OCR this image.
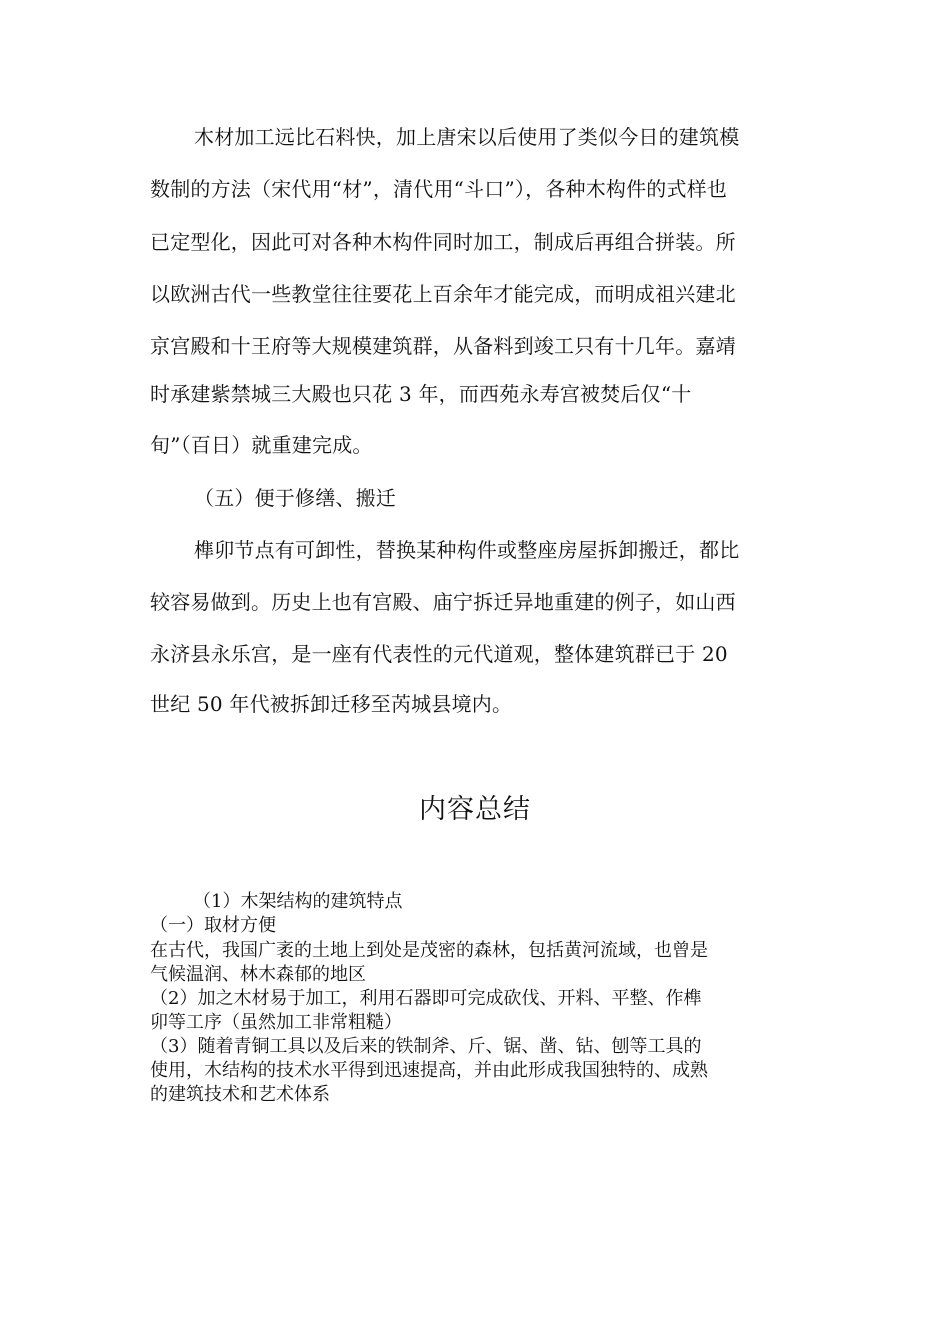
木材加工远比石料快，加上唐宋以后使用了类似今日的建筑模
数制的方法（宋代用“材”，清代用“斗口”），各种木构件的式样也
已定型化，因此可对各种木构件同时加工，制成后再组合拼装。所
以欧洲古代一些教堂往往要花上百余年才能完成，而明成祖兴建北
京宫殿和十王府等大规模建筑群，从备料到竣工只有十几年。嘉靖
时承建紫禁城三大殿也只花 3 年，而西苑永寿宫被焚后仅“十
旬”（百日）就重建完成。
（五）便于修缮、搬迁
榫卯节点有可卸性，替换某种构件或整座房屋拆卸搬迁，都比
较容易做到。历史上也有宫殿、庙宁拆迁异地重建的例子，如山西
永济县永乐宫，是一座有代表性的元代道观，整体建筑群已于 20
世纪 50 年代被拆卸迁移至芮城县境内。
内容总结
（1）木架结构的建筑特点
（一）取材方便
在古代，我国广袤的土地上到处是茂密的森林，包括黄河流域，也曾是
气候温润、林木森郁的地区
（2）加之木材易于加工，利用石器即可完成砍伐、开料、平整、作榫
卯等工序（虽然加工非常粗糙）
（3）随着青铜工具以及后来的铁制斧、斤、锯、凿、钻、刨等工具的
使用，木结构的技术水平得到迅速提高，并由此形成我国独特的、成熟
的建筑技术和艺术体系
